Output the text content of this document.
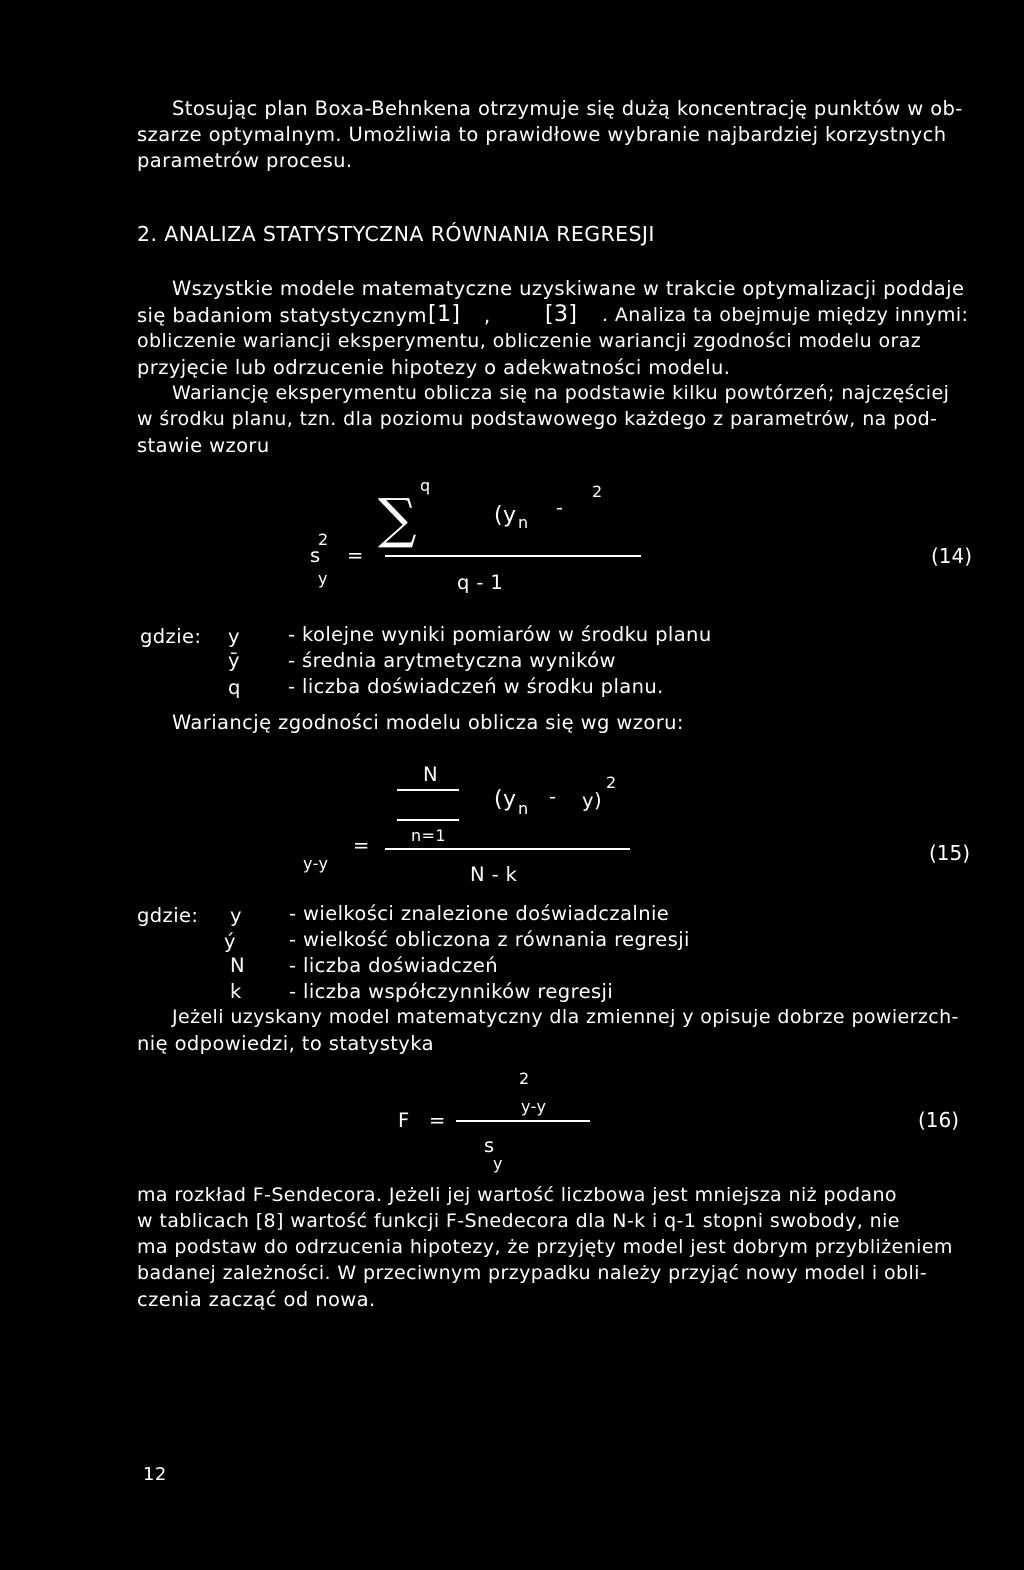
Stosując plan Boxa-Behnkena otrzymuje się dużą koncentrację punktów w ob-
szarze optymalnym. Umożliwia to prawidłowe wybranie najbardziej korzystnych
parametrów procesu.
2. ANALIZA STATYSTYCZNA RÓWNANIA REGRESJI
Wszystkie modele matematyczne uzyskiwane w trakcie optymalizacji poddaje
się badaniom statystycznym [1] , [3] . Analiza ta obejmuje między innymi:
obliczenie wariancji eksperymentu, obliczenie wariancji zgodności modelu oraz
przyjęcie lub odrzucenie hipotezy o adekwatności modelu.
Wariancję eksperymentu oblicza się na podstawie kilku powtórzeń; najczęściej
w środku planu, tzn. dla poziomu podstawowego każdego z parametrów, na pod-
stawie wzoru
q
∑	(y n
-
2
2
s
y
=
q - 1
(14)
gdzie: y - kolejne wyniki pomiarów w środku planu
ȳ - średnia arytmetyczna wyników
q - liczba doświadczeń w środku planu.
Wariancję zgodności modelu oblicza się wg wzoru:
N
(y n
- y)
2
n=1
=
y-y	N - k
(15)
gdzie: y - wielkości znalezione doświadczalnie
ý	- wielkość obliczona z równania regresji
N - liczba doświadczeń
k - liczba współczynników regresji
Jeżeli uzyskany model matematyczny dla zmiennej y opisuje dobrze powierzch-
nię odpowiedzi, to statystyka
2
F =
y-y
s
y
(16)
ma rozkład F-Sendecora. Jeżeli jej wartość liczbowa jest mniejsza niż podano
w tablicach [8] wartość funkcji F-Snedecora dla N-k i q-1 stopni swobody, nie
ma podstaw do odrzucenia hipotezy, że przyjęty model jest dobrym przybliżeniem
badanej zależności. W przeciwnym przypadku należy przyjąć nowy model i obli-
czenia zacząć od nowa.
12
